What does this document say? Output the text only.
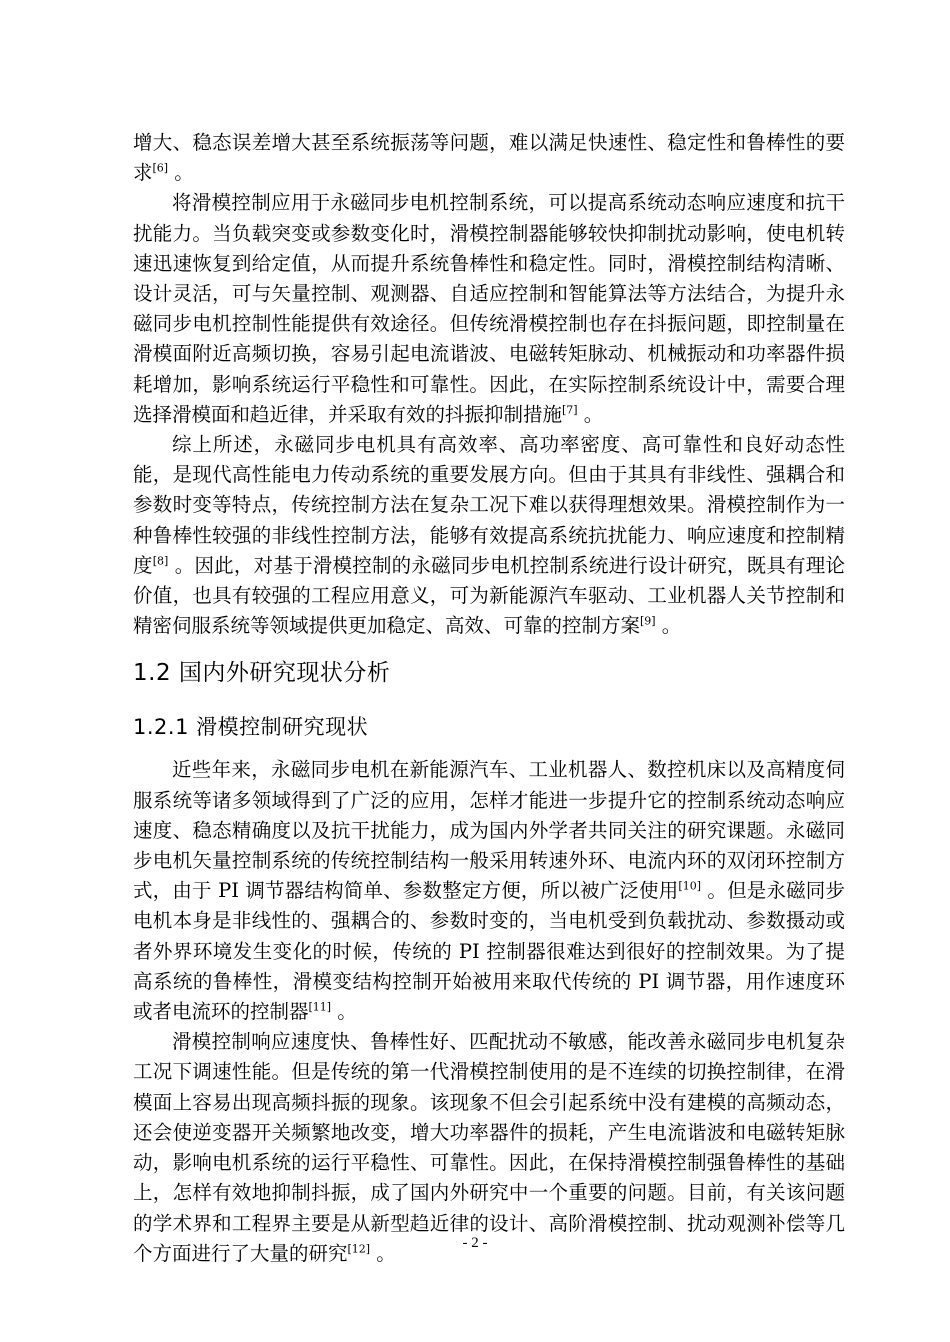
增大、稳态误差增大甚至系统振荡等问题，难以满足快速性、稳定性和鲁棒性的要求[6] 。

将滑模控制应用于永磁同步电机控制系统，可以提高系统动态响应速度和抗干扰能力。当负载突变或参数变化时，滑模控制器能够较快抑制扰动影响，使电机转速迅速恢复到给定值，从而提升系统鲁棒性和稳定性。同时，滑模控制结构清晰、设计灵活，可与矢量控制、观测器、自适应控制和智能算法等方法结合，为提升永磁同步电机控制性能提供有效途径。但传统滑模控制也存在抖振问题，即控制量在滑模面附近高频切换，容易引起电流谐波、电磁转矩脉动、机械振动和功率器件损耗增加，影响系统运行平稳性和可靠性。因此，在实际控制系统设计中，需要合理选择滑模面和趋近律，并采取有效的抖振抑制措施[7] 。

综上所述，永磁同步电机具有高效率、高功率密度、高可靠性和良好动态性能，是现代高性能电力传动系统的重要发展方向。但由于其具有非线性、强耦合和参数时变等特点，传统控制方法在复杂工况下难以获得理想效果。滑模控制作为一种鲁棒性较强的非线性控制方法，能够有效提高系统抗扰能力、响应速度和控制精度[8] 。因此，对基于滑模控制的永磁同步电机控制系统进行设计研究，既具有理论价值，也具有较强的工程应用意义，可为新能源汽车驱动、工业机器人关节控制和精密伺服系统等领域提供更加稳定、高效、可靠的控制方案[9] 。

1.2 国内外研究现状分析
1.2.1 滑模控制研究现状

近些年来，永磁同步电机在新能源汽车、工业机器人、数控机床以及高精度伺服系统等诸多领域得到了广泛的应用，怎样才能进一步提升它的控制系统动态响应速度、稳态精确度以及抗干扰能力，成为国内外学者共同关注的研究课题。永磁同步电机矢量控制系统的传统控制结构一般采用转速外环、电流内环的双闭环控制方式，由于 PI 调节器结构简单、参数整定方便，所以被广泛使用[10] 。但是永磁同步电机本身是非线性的、强耦合的、参数时变的，当电机受到负载扰动、参数摄动或者外界环境发生变化的时候，传统的 PI 控制器很难达到很好的控制效果。为了提高系统的鲁棒性，滑模变结构控制开始被用来取代传统的 PI 调节器，用作速度环或者电流环的控制器[11] 。

滑模控制响应速度快、鲁棒性好、匹配扰动不敏感，能改善永磁同步电机复杂工况下调速性能。但是传统的第一代滑模控制使用的是不连续的切换控制律，在滑模面上容易出现高频抖振的现象。该现象不但会引起系统中没有建模的高频动态，还会使逆变器开关频繁地改变，增大功率器件的损耗，产生电流谐波和电磁转矩脉动，影响电机系统的运行平稳性、可靠性。因此，在保持滑模控制强鲁棒性的基础上，怎样有效地抑制抖振，成了国内外研究中一个重要的问题。目前，有关该问题的学术界和工程界主要是从新型趋近律的设计、高阶滑模控制、扰动观测补偿等几个方面进行了大量的研究[12] 。	- 2 -
